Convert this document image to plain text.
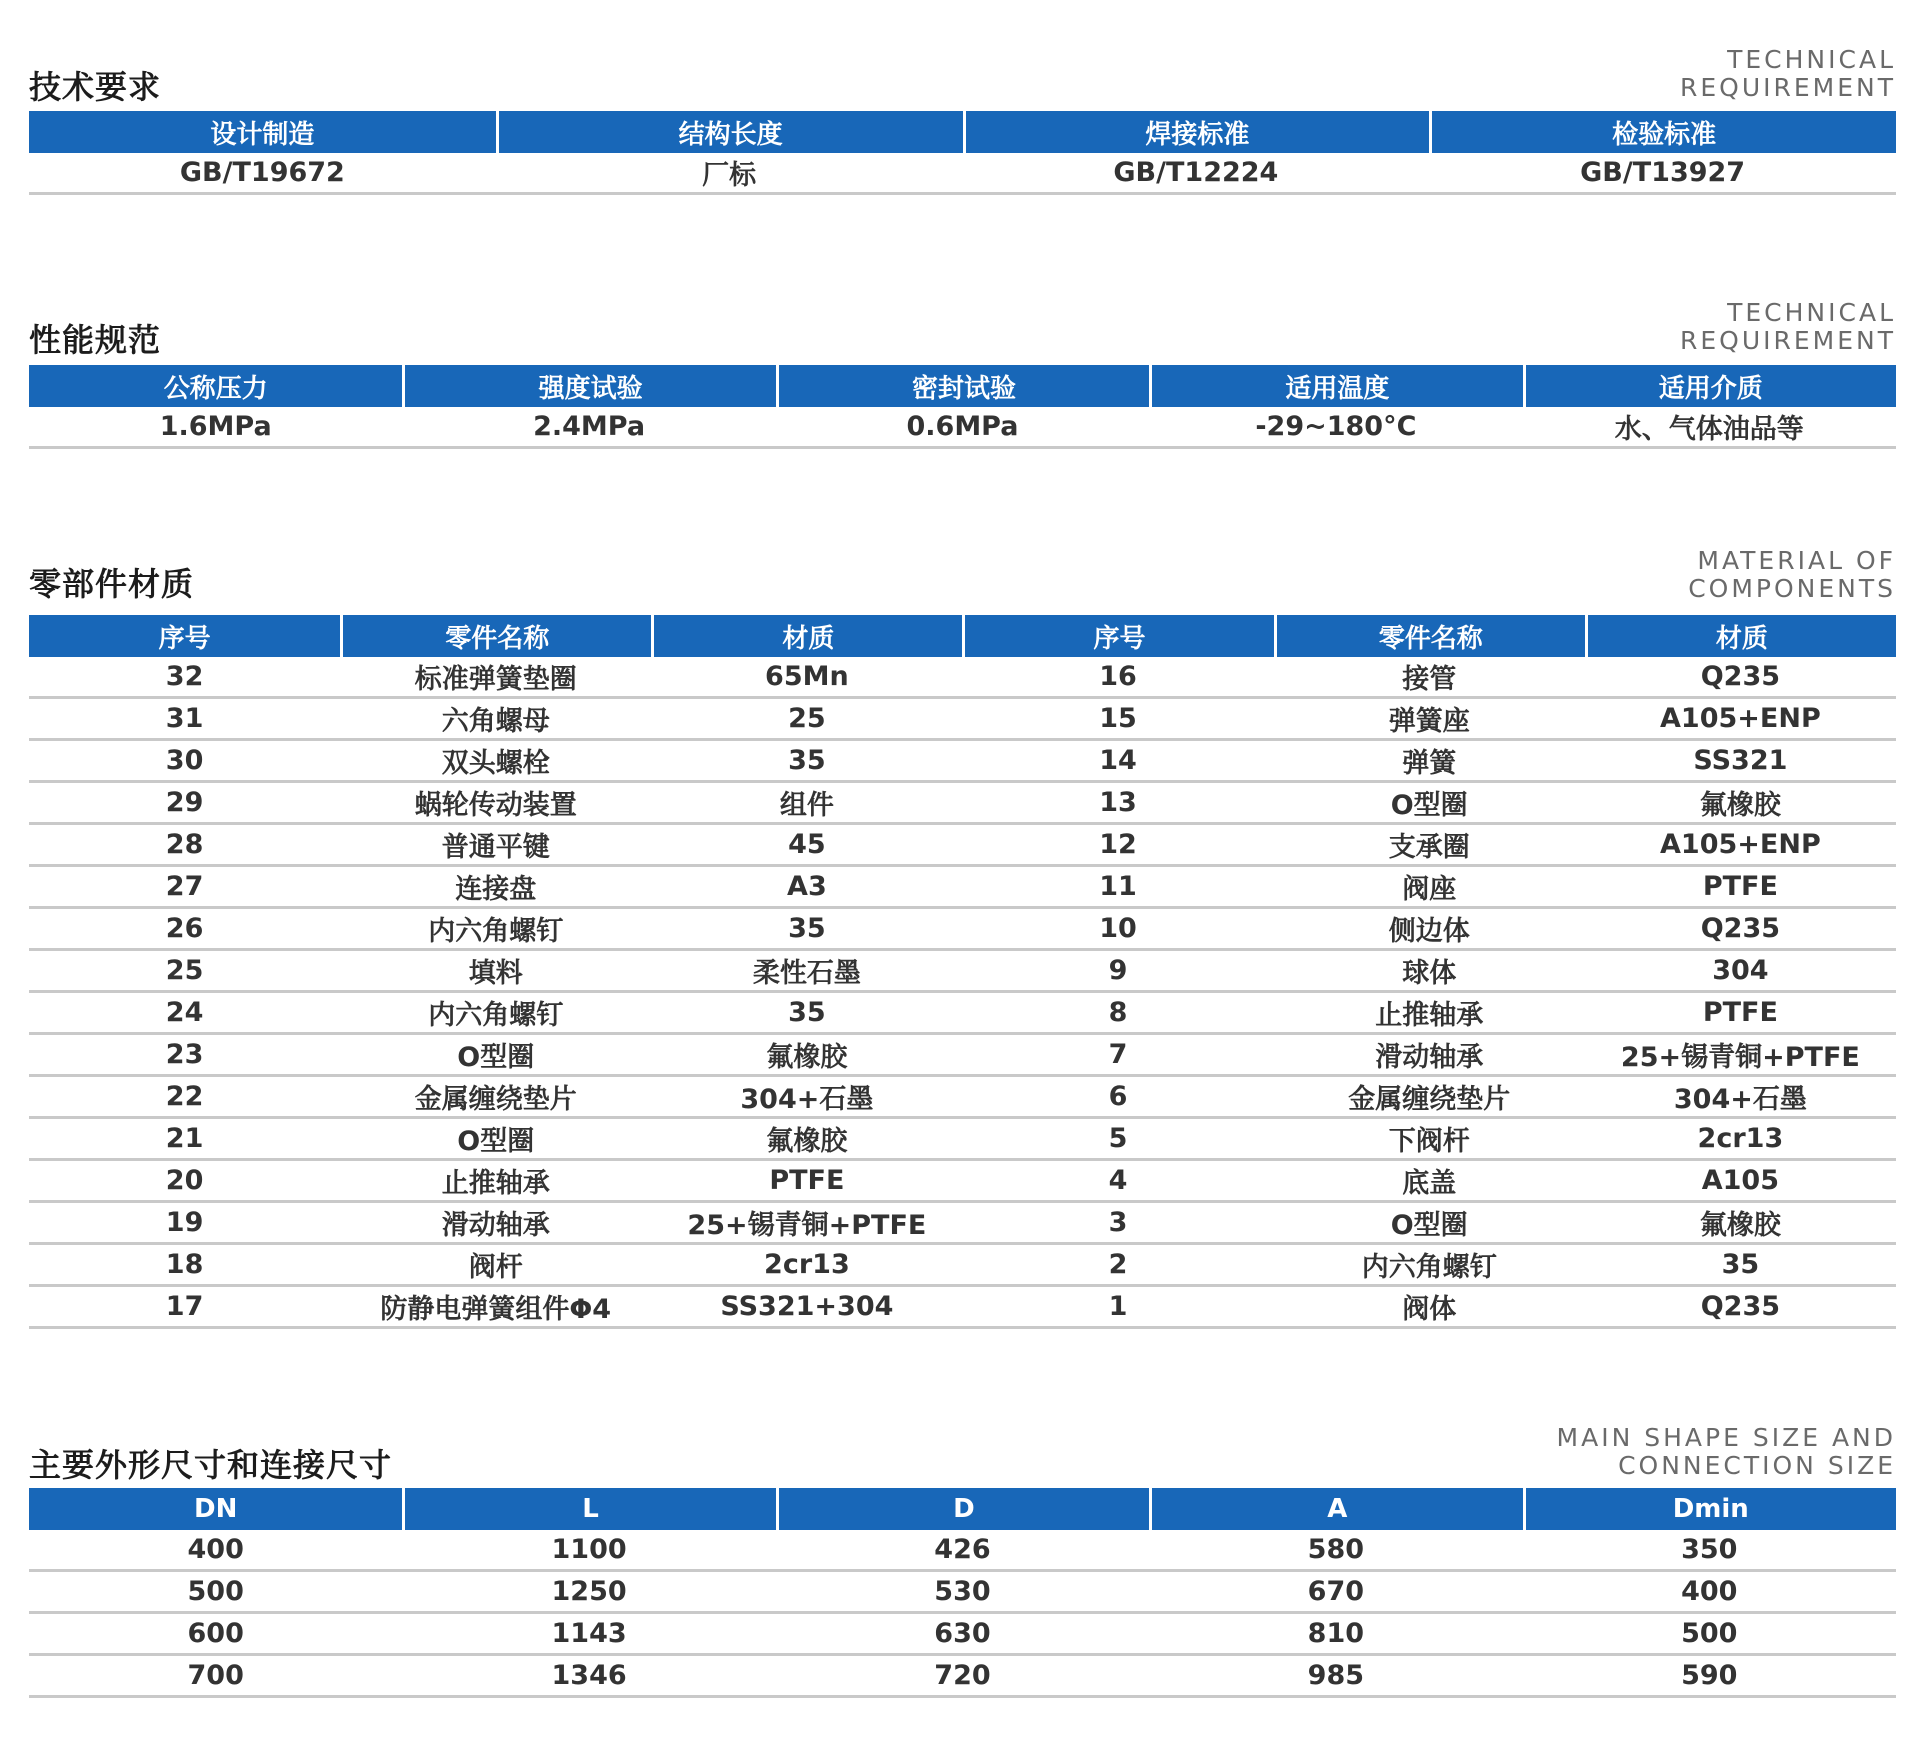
技术要求
TECHNICAL
REQUIREMENT
设计制造	结构长度	焊接标准	检验标准
GB/T19672	厂标	GB/T12224	GB/T13927
性能规范
TECHNICAL
REQUIREMENT
公称压力	强度试验	密封试验	适用温度	适用介质
1.6MPa	2.4MPa	0.6MPa	-29~180°C	水、气体油品等
零部件材质
MATERIAL OF
COMPONENTS
序号	零件名称	材质	序号	零件名称	材质
32	标准弹簧垫圈	65Mn	16	接管	Q235
31	六角螺母	25	15	弹簧座	A105+ENP
30	双头螺栓	35	14	弹簧	SS321
29	蜗轮传动装置	组件	13	O型圈	氟橡胶
28	普通平键	45	12	支承圈	A105+ENP
27	连接盘	A3	11	阀座	PTFE
26	内六角螺钉	35	10	侧边体	Q235
25	填料	柔性石墨	9	球体	304
24	内六角螺钉	35	8	止推轴承	PTFE
23	O型圈	氟橡胶	7	滑动轴承	25+锡青铜+PTFE
22	金属缠绕垫片	304+石墨	6	金属缠绕垫片	304+石墨
21	O型圈	氟橡胶	5	下阀杆	2cr13
20	止推轴承	PTFE	4	底盖	A105
19	滑动轴承	25+锡青铜+PTFE	3	O型圈	氟橡胶
18	阀杆	2cr13	2	内六角螺钉	35
17	防静电弹簧组件Φ4	SS321+304	1	阀体	Q235
主要外形尺寸和连接尺寸
MAIN SHAPE SIZE AND
CONNECTION SIZE
DN	L	D	A	Dmin
400	1100	426	580	350
500	1250	530	670	400
600	1143	630	810	500
700	1346	720	985	590
